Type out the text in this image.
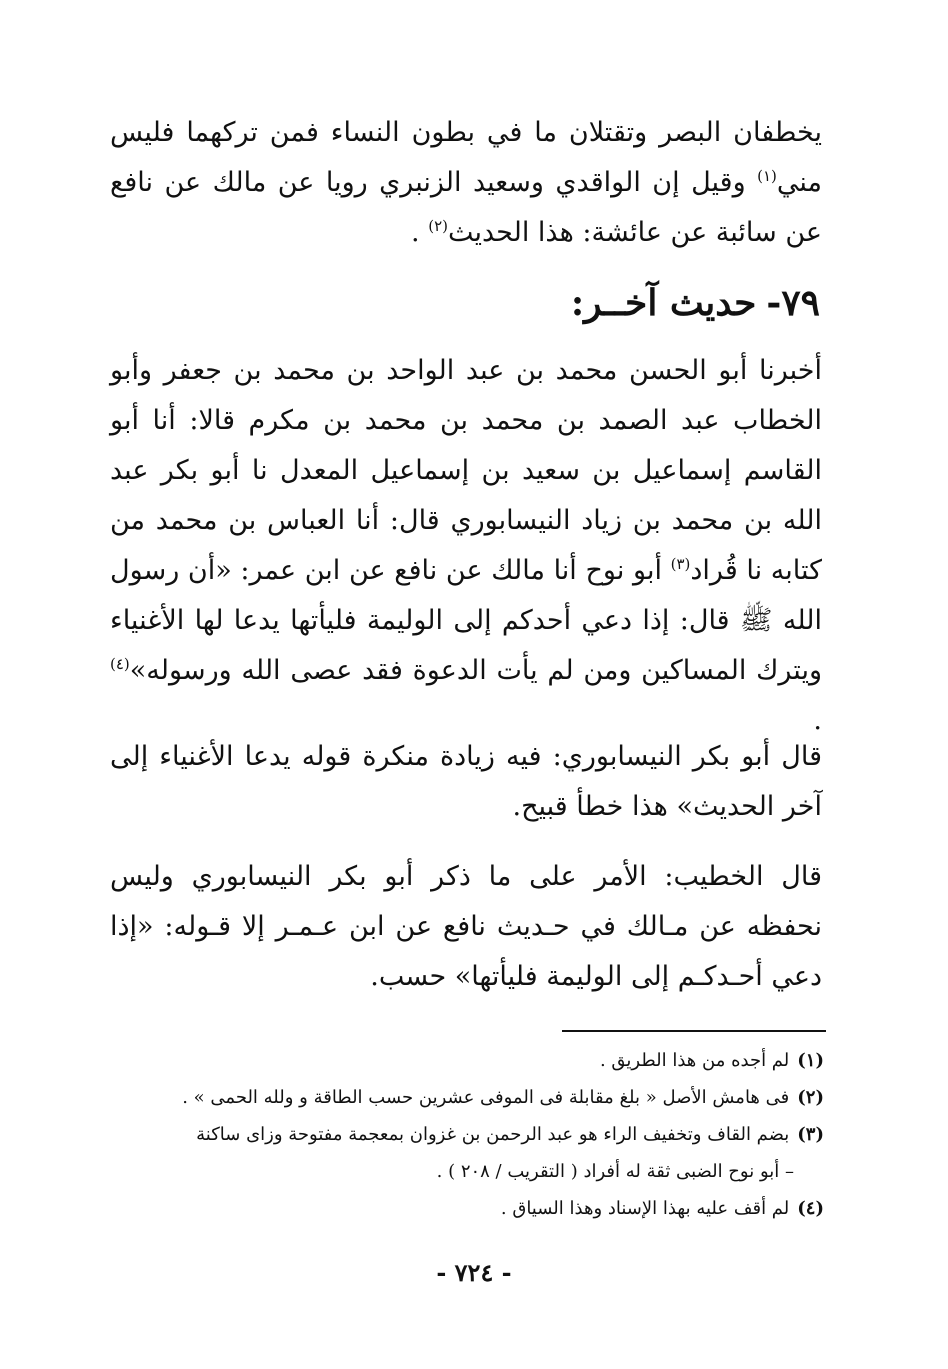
يخطفان البصر وتقتلان ما في بطون النساء فمن تركهما فليس مني$^{(١)}$ وقيل إن الواقدي وسعيد الزنبري رويا عن مالك عن نافع عن سائبة عن عائشة: هذا الحديث$^{(٢)}$ .

٧٩-حديث آخــر:

أخبرنا أبو الحسن محمد بن عبد الواحد بن محمد بن جعفر وأبو الخطاب عبد الصمد بن محمد بن محمد بن مكرم قالا: أنا أبو القاسم إسماعيل بن سعيد بن إسماعيل المعدل نا أبو بكر عبد الله بن محمد بن زياد النيسابوري قال: أنا العباس بن محمد من كتابه نا قُراد$^{(٣)}$ أبو نوح أنا مالك عن نافع عن ابن عمر: «أن رسول الله ﷺ قال: إذا دعي أحدكم إلى الوليمة فليأتها يدعا لها الأغنياء ويترك المساكين ومن لم يأت الدعوة فقد عصى الله ورسوله»$^{(٤)}$ .

قال أبو بكر النيسابوري: فيه زيادة منكرة قوله يدعا الأغنياء إلى آخر الحديث» هذا خطأ قبيح.

قال الخطيب: الأمر على ما ذكر أبو بكر النيسابوري وليس نحفظه عن مـالك في حـديث نافع عن ابن عـمـر إلا قـوله: «إذا دعي أحـدكـم إلى الوليمة فليأتها» حسب.

(١)لم أجده من هذا الطريق .
(٢)فى هامش الأصل « بلغ مقابلة فى الموفى عشرين حسب الطاقة و ولله الحمى » .
(٣)بضم القاف وتخفيف الراء هو عبد الرحمن بن غزوان بمعجمة مفتوحة وزاى ساكنة
– أبو نوح الضبى ثقة له أفراد ( التقريب / ٢٠٨ ) .
(٤)لم أقف عليه بهذا الإسناد وهذا السياق .
- ٧٢٤ -
